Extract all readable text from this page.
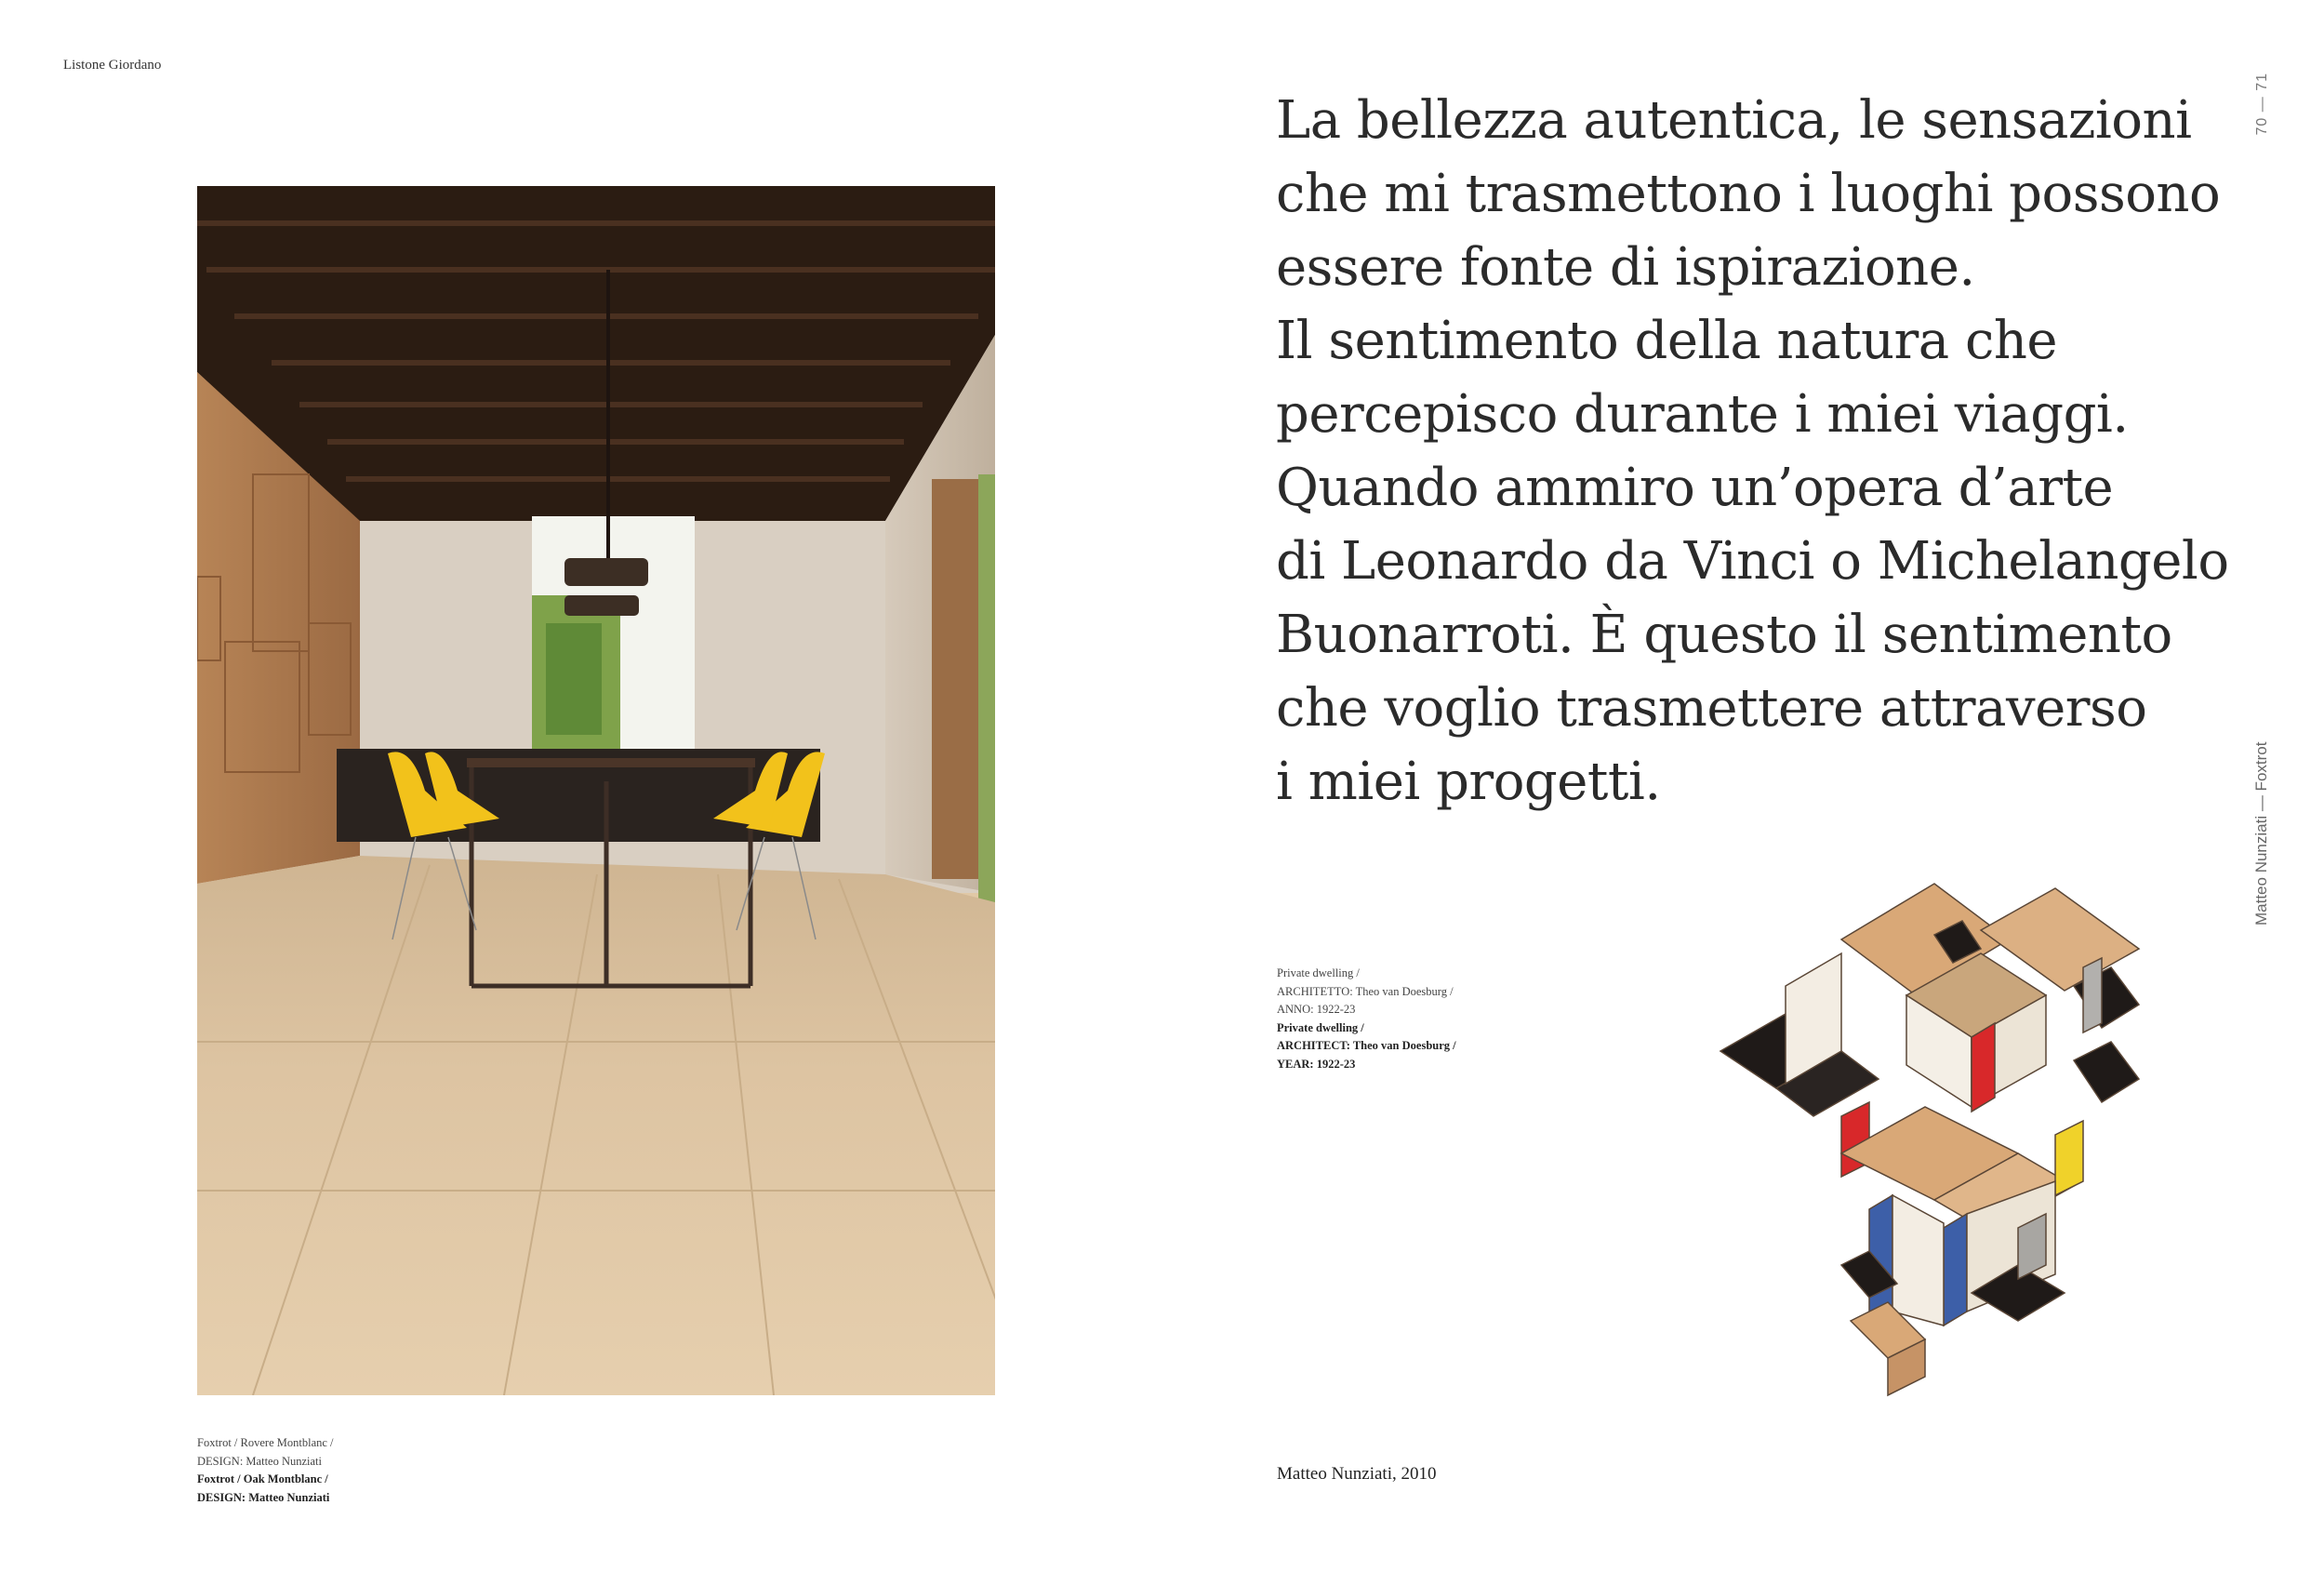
Listone Giordano
70 — 71
Matteo Nunziati — Foxtrot
Foxtrot / Rovere Montblanc /
DESIGN: Matteo Nunziati
Foxtrot / Oak Montblanc /
DESIGN: Matteo Nunziati
La bellezza autentica, le sensazioni
che mi trasmettono i luoghi possono
essere fonte di ispirazione.
Il sentimento della natura che
percepisco durante i miei viaggi.
Quando ammiro un’opera d’arte
di Leonardo da Vinci o Michelangelo
Buonarroti. È questo il sentimento
che voglio trasmettere attraverso
i miei progetti.
Private dwelling /
ARCHITETTO: Theo van Doesburg /
ANNO: 1922-23
Private dwelling /
ARCHITECT: Theo van Doesburg /
YEAR: 1922-23
Matteo Nunziati, 2010
